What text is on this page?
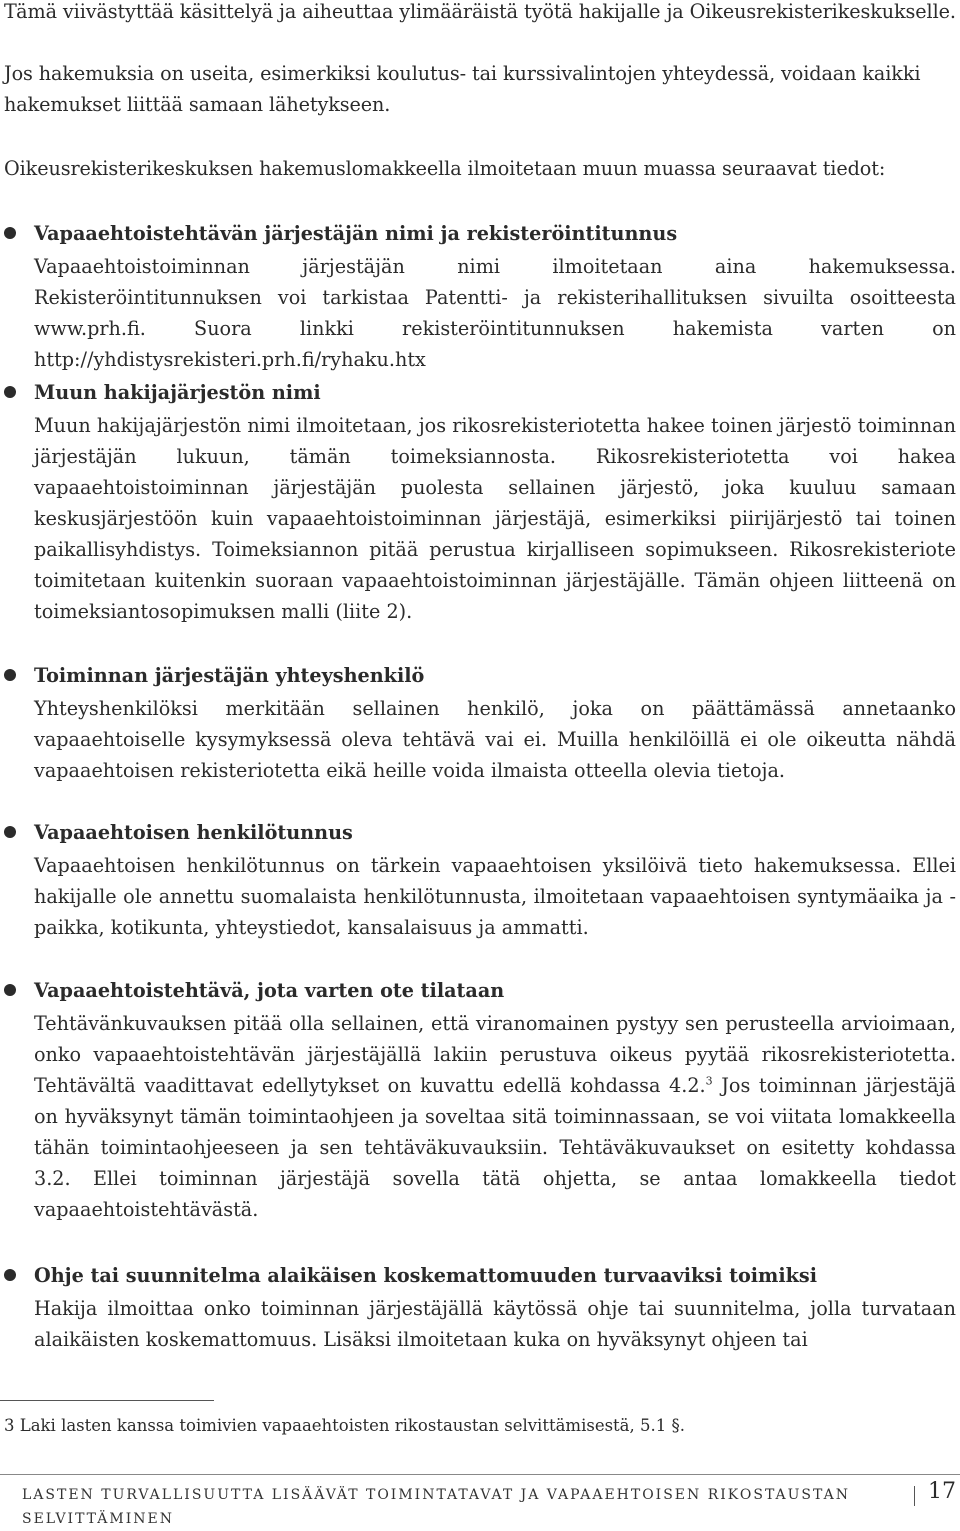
Tämä viivästyttää käsittelyä ja aiheuttaa ylimääräistä työtä hakijalle ja Oikeusrekisterikeskukselle.

Jos hakemuksia on useita, esimerkiksi koulutus- tai kurssivalintojen yhteydessä, voidaan kaikki hakemukset liittää samaan lähetykseen.

Oikeusrekisterikeskuksen hakemuslomakkeella ilmoitetaan muun muassa seuraavat tiedot:

Vapaaehtoistehtävän järjestäjän nimi ja rekisteröintitunnus

Vapaaehtoistoiminnan järjestäjän nimi ilmoitetaan aina hakemuksessa. Rekisteröintitunnuksen voi tarkistaa Patentti- ja rekisterihallituksen sivuilta osoitteesta www.prh.fi. Suora linkki rekisteröintitunnuksen hakemista varten on http://yhdistysrekisteri.prh.fi/ryhaku.htx

Muun hakijajärjestön nimi

Muun hakijajärjestön nimi ilmoitetaan, jos rikosrekisteriotetta hakee toinen järjestö toiminnan järjestäjän lukuun, tämän toimeksiannosta. Rikosrekisteriotetta voi hakea vapaaehtoistoiminnan järjestäjän puolesta sellainen järjestö, joka kuuluu samaan keskusjärjestöön kuin vapaaehtoistoiminnan järjestäjä, esimerkiksi piirijärjestö tai toinen paikallisyhdistys. Toimeksiannon pitää perustua kirjalliseen sopimukseen. Rikosrekisteriote toimitetaan kuitenkin suoraan vapaaehtoistoiminnan järjestäjälle. Tämän ohjeen liitteenä on toimeksiantosopimuksen malli (liite 2).

Toiminnan järjestäjän yhteyshenkilö

Yhteyshenkilöksi merkitään sellainen henkilö, joka on päättämässä annetaanko vapaaehtoiselle kysymyksessä oleva tehtävä vai ei. Muilla henkilöillä ei ole oikeutta nähdä vapaaehtoisen rekisteriotetta eikä heille voida ilmaista otteella olevia tietoja.

Vapaaehtoisen henkilötunnus

Vapaaehtoisen henkilötunnus on tärkein vapaaehtoisen yksilöivä tieto hakemuksessa. Ellei hakijalle ole annettu suomalaista henkilötunnusta, ilmoitetaan vapaaehtoisen syntymäaika ja -paikka, kotikunta, yhteystiedot, kansalaisuus ja ammatti.

Vapaaehtoistehtävä, jota varten ote tilataan

Tehtävänkuvauksen pitää olla sellainen, että viranomainen pystyy sen perusteella arvioimaan, onko vapaaehtoistehtävän järjestäjällä lakiin perustuva oikeus pyytää rikosrekisteriotetta. Tehtävältä vaadittavat edellytykset on kuvattu edellä kohdassa 4.2.$^3$ Jos toiminnan järjestäjä on hyväksynyt tämän toimintaohjeen ja soveltaa sitä toiminnassaan, se voi viitata lomakkeella tähän toimintaohjeeseen ja sen tehtäväkuvauksiin. Tehtäväkuvaukset on esitetty kohdassa 3.2. Ellei toiminnan järjestäjä sovella tätä ohjetta, se antaa lomakkeella tiedot vapaaehtoistehtävästä.

Ohje tai suunnitelma alaikäisen koskemattomuuden turvaaviksi toimiksi

Hakija ilmoittaa onko toiminnan järjestäjällä käytössä ohje tai suunnitelma, jolla turvataan alaikäisten koskemattomuus. Lisäksi ilmoitetaan kuka on hyväksynyt ohjeen tai

3 Laki lasten kanssa toimivien vapaaehtoisten rikostaustan selvittämisestä, 5.1 §.

LASTEN TURVALLISUUTTA LISÄÄVÄT TOIMINTATAVAT JA VAPAAEHTOISEN RIKOSTAUSTAN SELVITTÄMINEN

17
